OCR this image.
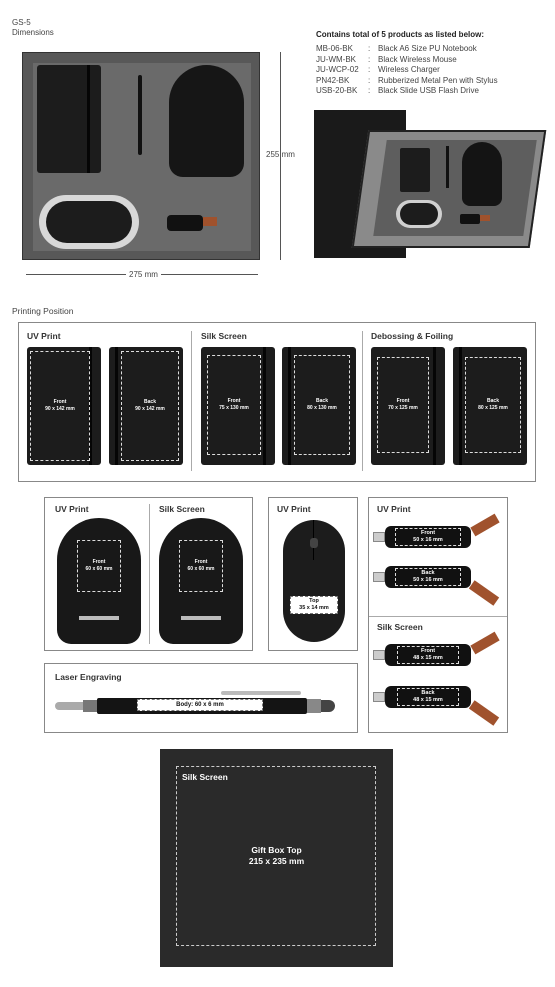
GS-5
Dimensions
255 mm
275 mm
Contains total of 5 products as listed below:
MB-06-BK	: Black A6 Size PU Notebook
JU-WM-BK	: Black Wireless Mouse
JU-WCP-02	: Wireless Charger
PN42-BK	: Rubberized Metal Pen with Stylus
USB-20-BK	: Black Slide USB Flash Drive
Printing Position
UV Print	Silk Screen	Debossing & Foiling
Front
90 x 142 mm
Back
90 x 142 mm
Front
75 x 130 mm
Back
80 x 130 mm
Front
70 x 125 mm
Back
80 x 125 mm
UV Print	Silk Screen
Front
60 x 60 mm
Front
60 x 60 mm
UV Print
Top
35 x 14 mm
UV Print
Silk Screen
Front
50 x 16 mm
Back
50 x 16 mm
Front
48 x 15 mm
Back
48 x 15 mm
Laser Engraving
Body: 60 x 6 mm
Silk Screen
Gift Box Top
215 x 235 mm
